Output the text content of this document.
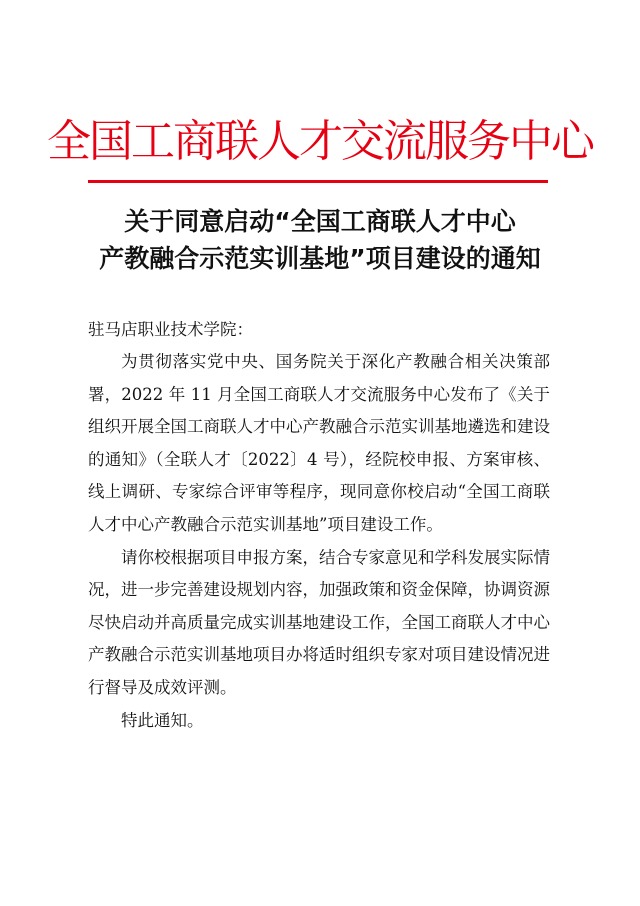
全国工商联人才交流服务中心
关于同意启动“全国工商联人才中心
产教融合示范实训基地”项目建设的通知
驻马店职业技术学院：

为贯彻落实党中央、国务院关于深化产教融合相关决策部署，2022 年 11 月全国工商联人才交流服务中心发布了《关于组织开展全国工商联人才中心产教融合示范实训基地遴选和建设的通知》（全联人才〔2022〕4 号），经院校申报、方案审核、线上调研、专家综合评审等程序，现同意你校启动“全国工商联人才中心产教融合示范实训基地”项目建设工作。

请你校根据项目申报方案，结合专家意见和学科发展实际情况，进一步完善建设规划内容，加强政策和资金保障，协调资源尽快启动并高质量完成实训基地建设工作，全国工商联人才中心产教融合示范实训基地项目办将适时组织专家对项目建设情况进行督导及成效评测。

特此通知。
